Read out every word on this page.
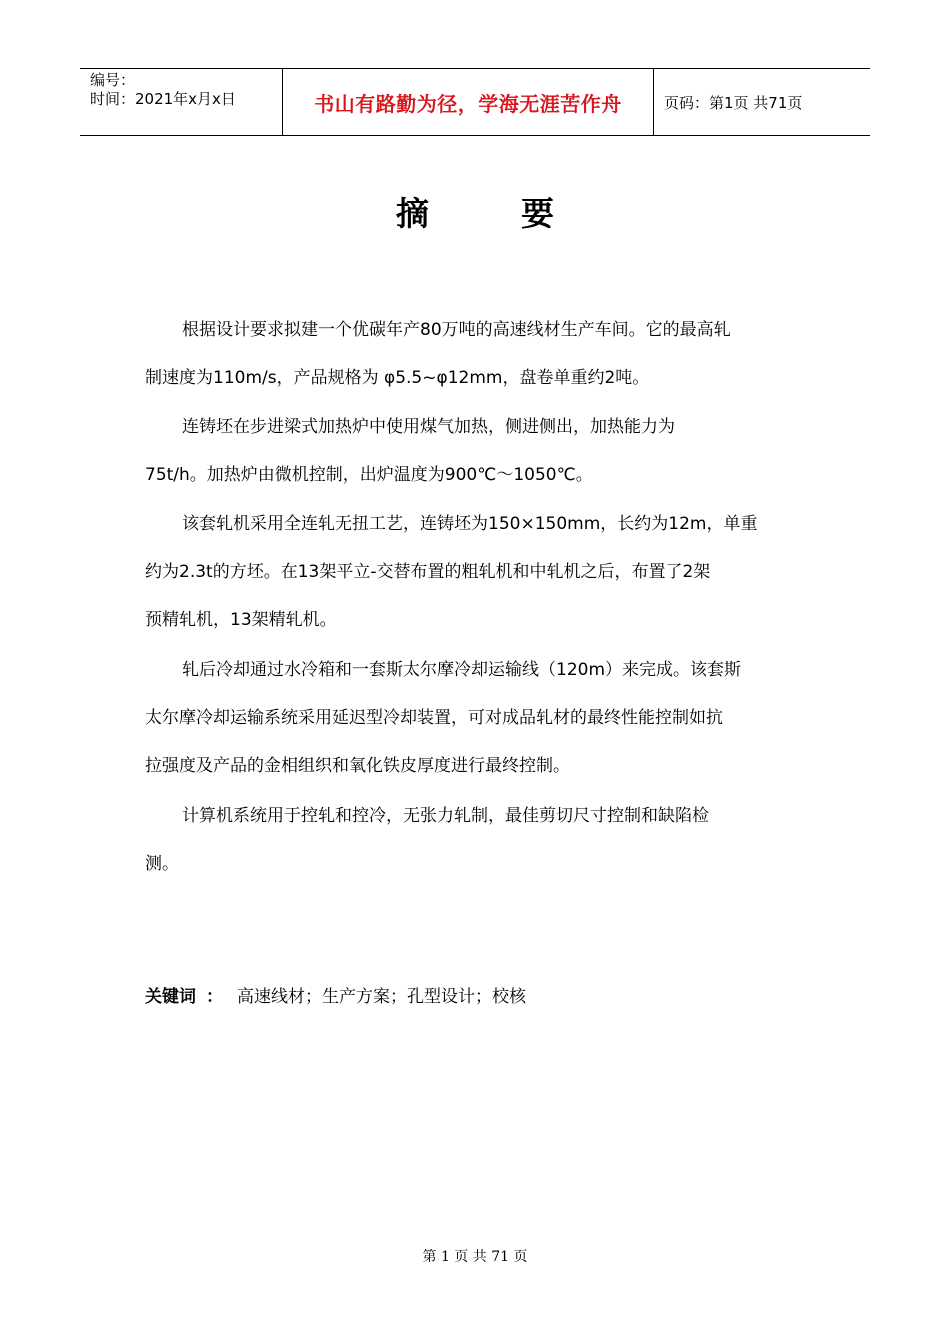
编号：
时间：2021年x月x日	书山有路勤为径，学海无涯苦作舟	页码：第1页 共71页
摘        要
根据设计要求拟建一个优碳年产80万吨的高速线材生产车间。它的最高轧
制速度为110m/s，产品规格为 φ5.5~φ12mm，盘卷单重约2吨。
连铸坯在步进梁式加热炉中使用煤气加热，侧进侧出，加热能力为
75t/h。加热炉由微机控制，出炉温度为900℃～1050℃。
该套轧机采用全连轧无扭工艺，连铸坯为150×150mm，长约为12m，单重
约为2.3t的方坯。在13架平立-交替布置的粗轧机和中轧机之后，布置了2架
预精轧机，13架精轧机。
轧后冷却通过水冷箱和一套斯太尔摩冷却运输线（120m）来完成。该套斯
太尔摩冷却运输系统采用延迟型冷却装置，可对成品轧材的最终性能控制如抗
拉强度及产品的金相组织和氧化铁皮厚度进行最终控制。
计算机系统用于控轧和控冷，无张力轧制，最佳剪切尺寸控制和缺陷检
测。
关键词 ： 高速线材；生产方案；孔型设计；校核
第 1 页 共 71 页
